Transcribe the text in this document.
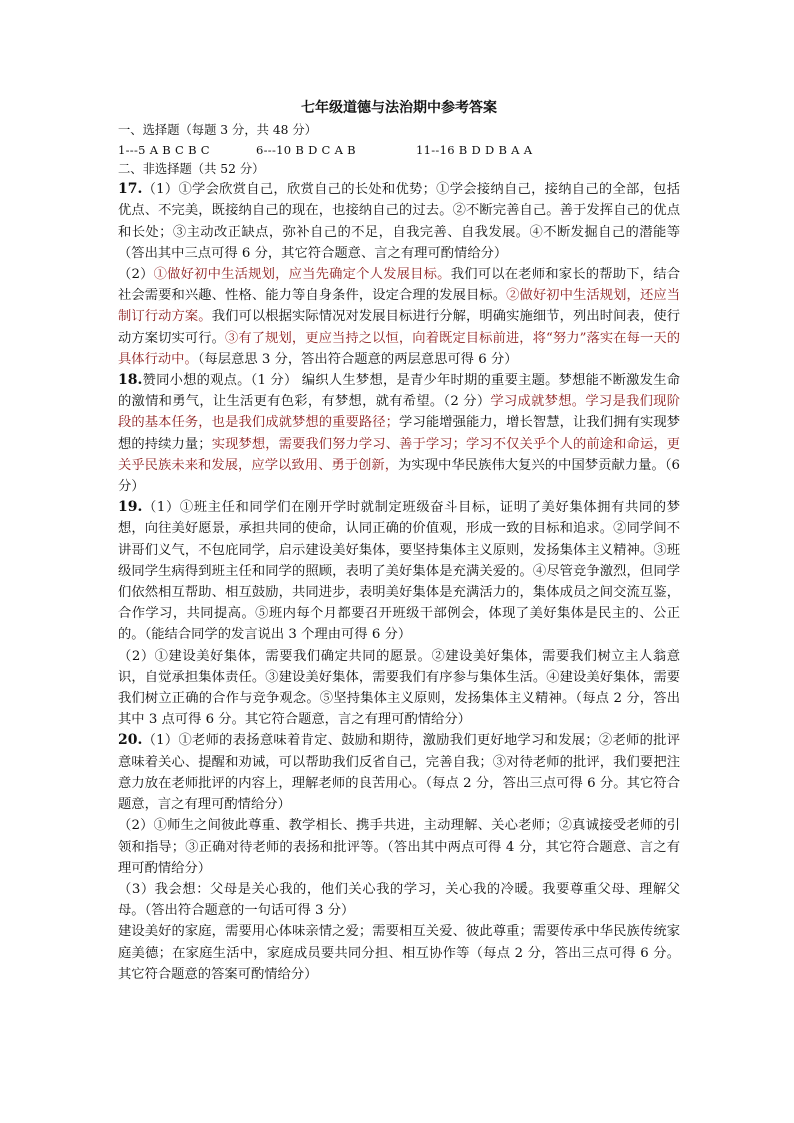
七年级道德与法治期中参考答案
一、选择题（每题 3 分，共 48 分）
1---5 A B C B C	6---10 B D C A B	11--16 B D D B A A
二、非选择题（共 52 分）

17.（1）①学会欣赏自己，欣赏自己的长处和优势；①学会接纳自己，接纳自己的全部，包括优点、不完美，既接纳自己的现在，也接纳自己的过去。②不断完善自己。善于发挥自己的优点和长处；③主动改正缺点，弥补自己的不足，自我完善、自我发展。④不断发掘自己的潜能等（答出其中三点可得 6 分，其它符合题意、言之有理可酌情给分）

（2）①做好初中生活规划，应当先确定个人发展目标。我们可以在老师和家长的帮助下，结合社会需要和兴趣、性格、能力等自身条件，设定合理的发展目标。②做好初中生活规划，还应当制订行动方案。我们可以根据实际情况对发展目标进行分解，明确实施细节，列出时间表，使行动方案切实可行。③有了规划，更应当持之以恒，向着既定目标前进，将“努力”落实在每一天的具体行动中。（每层意思 3 分，答出符合题意的两层意思可得 6 分）

18.赞同小想的观点。（1 分） 编织人生梦想，是青少年时期的重要主题。梦想能不断激发生命的激情和勇气，让生活更有色彩，有梦想，就有希望。（2 分）学习成就梦想。学习是我们现阶段的基本任务，也是我们成就梦想的重要路径；学习能增强能力，增长智慧，让我们拥有实现梦想的持续力量；实现梦想，需要我们努力学习、善于学习；学习不仅关乎个人的前途和命运，更关乎民族未来和发展，应学以致用、勇于创新，为实现中华民族伟大复兴的中国梦贡献力量。（6 分）

19.（1）①班主任和同学们在刚开学时就制定班级奋斗目标，证明了美好集体拥有共同的梦想，向往美好愿景，承担共同的使命，认同正确的价值观，形成一致的目标和追求。②同学间不讲哥们义气，不包庇同学，启示建设美好集体，要坚持集体主义原则，发扬集体主义精神。③班级同学生病得到班主任和同学的照顾，表明了美好集体是充满关爱的。④尽管竞争激烈，但同学们依然相互帮助、相互鼓励，共同进步，表明美好集体是充满活力的，集体成员之间交流互鉴，合作学习，共同提高。⑤班内每个月都要召开班级干部例会，体现了美好集体是民主的、公正的。（能结合同学的发言说出 3 个理由可得 6 分）

（2）①建设美好集体，需要我们确定共同的愿景。②建设美好集体，需要我们树立主人翁意识，自觉承担集体责任。③建设美好集体，需要我们有序参与集体生活。④建设美好集体，需要我们树立正确的合作与竞争观念。⑤坚持集体主义原则，发扬集体主义精神。（每点 2 分，答出其中 3 点可得 6 分。其它符合题意，言之有理可酌情给分）

20.（1）①老师的表扬意味着肯定、鼓励和期待，激励我们更好地学习和发展；②老师的批评意味着关心、提醒和劝诫，可以帮助我们反省自己，完善自我；③对待老师的批评，我们要把注意力放在老师批评的内容上，理解老师的良苦用心。（每点 2 分，答出三点可得 6 分。其它符合题意，言之有理可酌情给分）

（2）①师生之间彼此尊重、教学相长、携手共进，主动理解、关心老师；②真诚接受老师的引领和指导；③正确对待老师的表扬和批评等。（答出其中两点可得 4 分，其它符合题意、言之有理可酌情给分）

（3）我会想：父母是关心我的，他们关心我的学习，关心我的冷暖。我要尊重父母、理解父母。（答出符合题意的一句话可得 3 分）

建设美好的家庭，需要用心体味亲情之爱；需要相互关爱、彼此尊重；需要传承中华民族传统家庭美德；在家庭生活中，家庭成员要共同分担、相互协作等（每点 2 分，答出三点可得 6 分。其它符合题意的答案可酌情给分）
